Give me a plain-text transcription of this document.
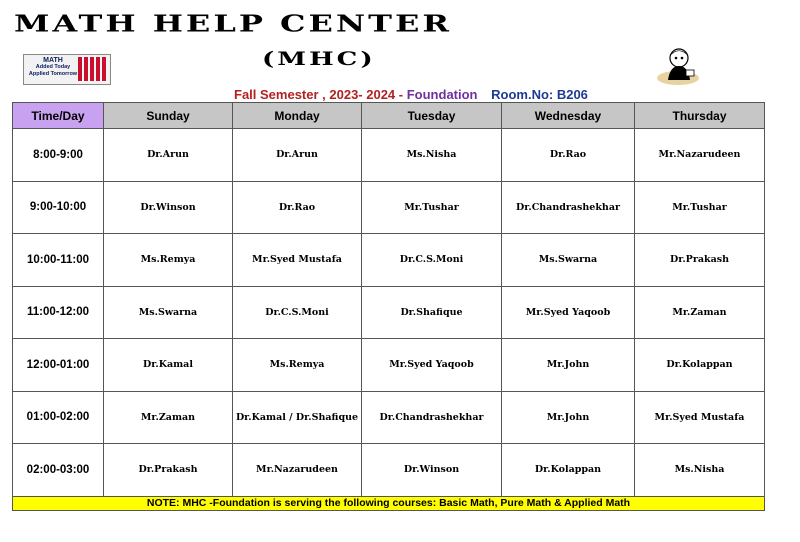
MATH HELP CENTER
(MHC)
MATH
Added Today
Applied Tomorrow
Fall Semester , 2023- 2024 - Foundation Room.No: B206
Time/Day	Sunday	Monday	Tuesday	Wednesday	Thursday
8:00-9:00	Dr.Arun	Dr.Arun	Ms.Nisha	Dr.Rao	Mr.Nazarudeen
9:00-10:00	Dr.Winson	Dr.Rao	Mr.Tushar	Dr.Chandrashekhar	Mr.Tushar
10:00-11:00	Ms.Remya	Mr.Syed Mustafa	Dr.C.S.Moni	Ms.Swarna	Dr.Prakash
11:00-12:00	Ms.Swarna	Dr.C.S.Moni	Dr.Shafique	Mr.Syed Yaqoob	Mr.Zaman
12:00-01:00	Dr.Kamal	Ms.Remya	Mr.Syed Yaqoob	Mr.John	Dr.Kolappan
01:00-02:00	Mr.Zaman	Dr.Kamal / Dr.Shafique	Dr.Chandrashekhar	Mr.John	Mr.Syed Mustafa
02:00-03:00	Dr.Prakash	Mr.Nazarudeen	Dr.Winson	Dr.Kolappan	Ms.Nisha
NOTE: MHC -Foundation is serving the following courses: Basic Math, Pure Math & Applied Math					
